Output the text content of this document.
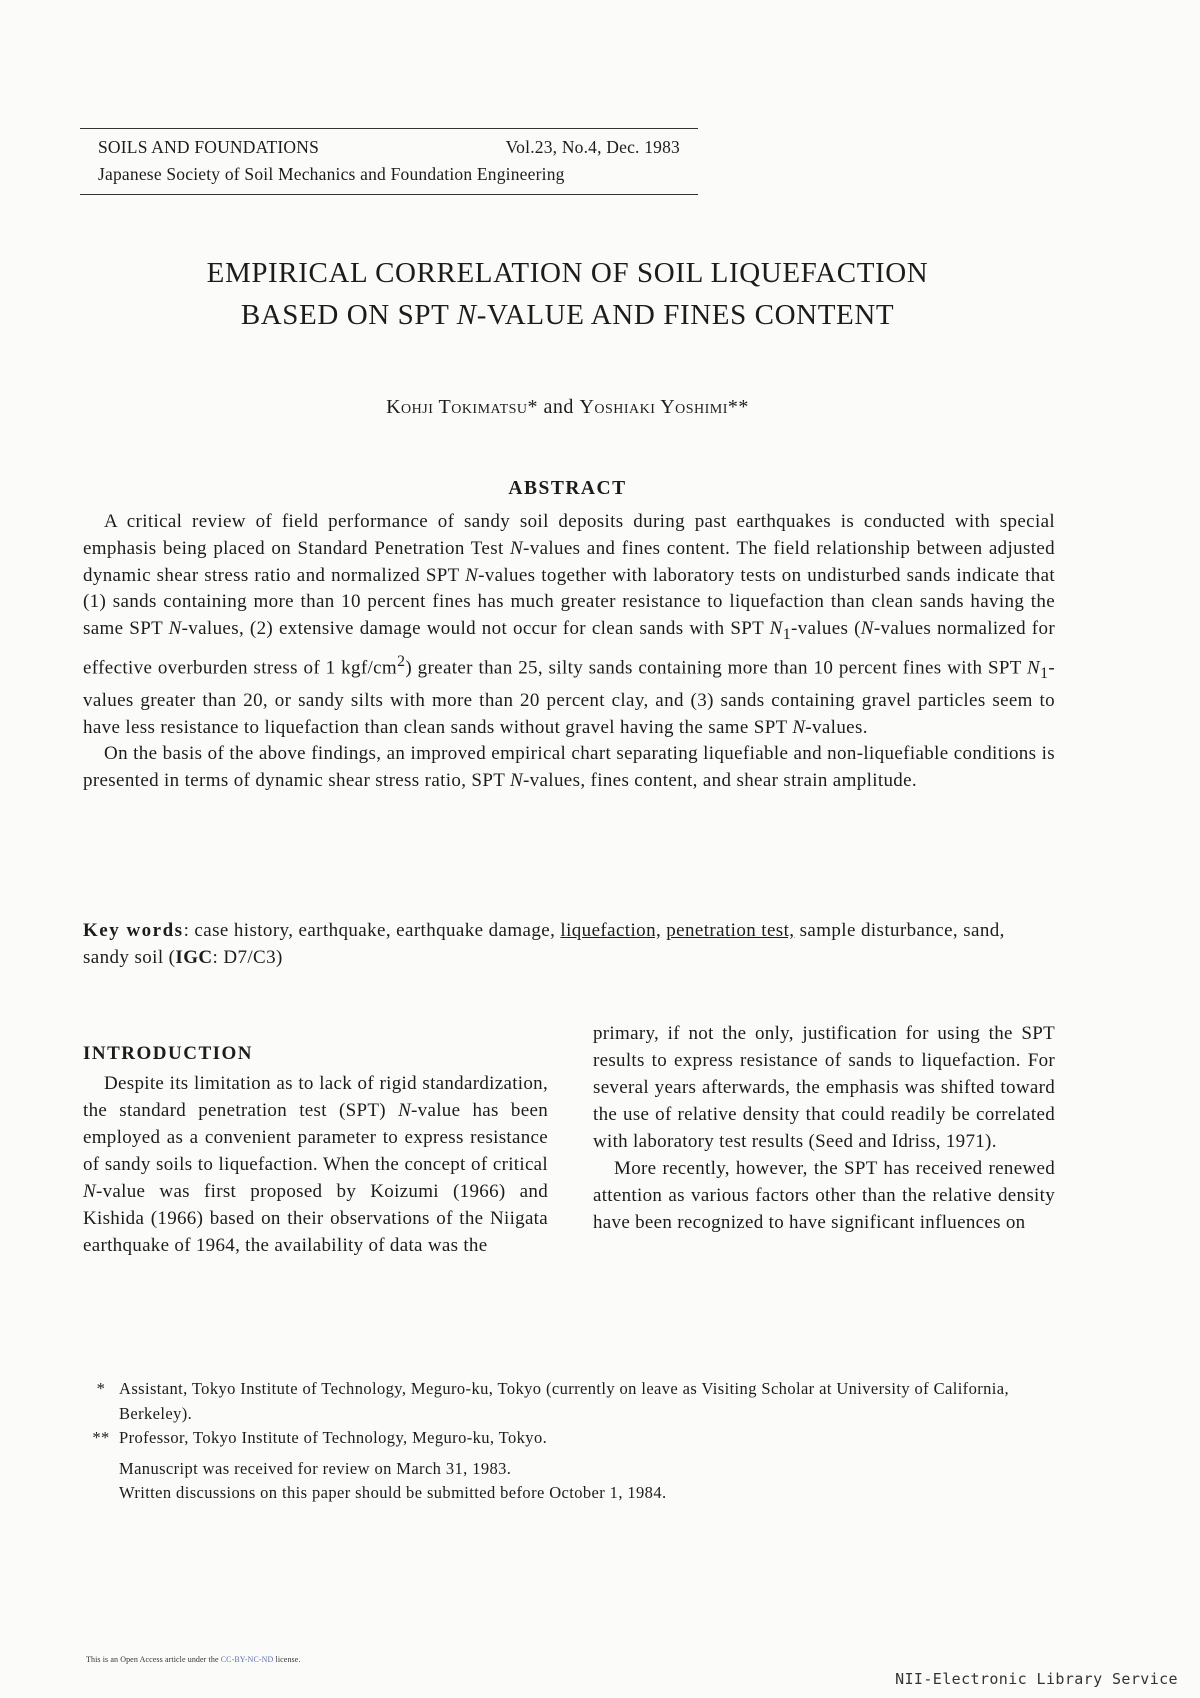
SOILS AND FOUNDATIONS	Vol.23, No.4, Dec. 1983
Japanese Society of Soil Mechanics and Foundation Engineering
EMPIRICAL CORRELATION OF SOIL LIQUEFACTION
BASED ON SPT N-VALUE AND FINES CONTENT
Kohji Tokimatsu* and Yoshiaki Yoshimi**
ABSTRACT

A critical review of field performance of sandy soil deposits during past earthquakes is conducted with special emphasis being placed on Standard Penetration Test N-values and fines content. The field relationship between adjusted dynamic shear stress ratio and normalized SPT N-values together with laboratory tests on undisturbed sands indicate that (1) sands containing more than 10 percent fines has much greater resistance to liquefaction than clean sands having the same SPT N-values, (2) extensive damage would not occur for clean sands with SPT $N_1$-values (N-values normalized for effective overburden stress of 1 kgf/$cm^2$) greater than 25, silty sands containing more than 10 percent fines with SPT $N_1$-values greater than 20, or sandy silts with more than 20 percent clay, and (3) sands containing gravel particles seem to have less resistance to liquefaction than clean sands without gravel having the same SPT N-values.

On the basis of the above findings, an improved empirical chart separating liquefiable and non-liquefiable conditions is presented in terms of dynamic shear stress ratio, SPT N-values, fines content, and shear strain amplitude.

Key words: case history, earthquake, earthquake damage, liquefaction, penetration test, sample disturbance, sand, sandy soil (IGC: D7/C3)
INTRODUCTION

Despite its limitation as to lack of rigid standardization, the standard penetration test (SPT) N-value has been employed as a convenient parameter to express resistance of sandy soils to liquefaction. When the concept of critical N-value was first proposed by Koizumi (1966) and Kishida (1966) based on their observations of the Niigata earthquake of 1964, the availability of data was the

primary, if not the only, justification for using the SPT results to express resistance of sands to liquefaction. For several years afterwards, the emphasis was shifted toward the use of relative density that could readily be correlated with laboratory test results (Seed and Idriss, 1971).

More recently, however, the SPT has received renewed attention as various factors other than the relative density have been recognized to have significant influences on

* Assistant, Tokyo Institute of Technology, Meguro-ku, Tokyo (currently on leave as Visiting Scholar at University of California, Berkeley).
** Professor, Tokyo Institute of Technology, Meguro-ku, Tokyo.
Manuscript was received for review on March 31, 1983.
Written discussions on this paper should be submitted before October 1, 1984.
This is an Open Access article under the CC-BY-NC-ND license.
NII-Electronic Library Service
